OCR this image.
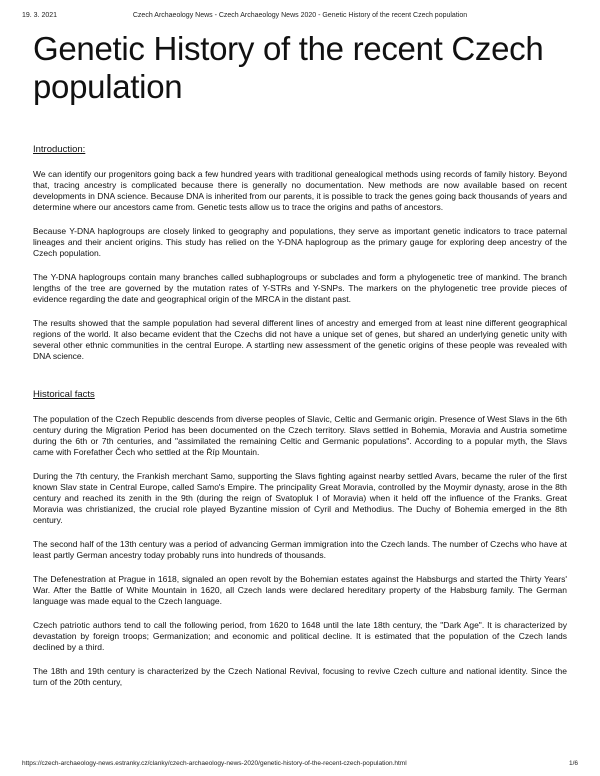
19. 3. 2021	Czech Archaeology News - Czech Archaeology News 2020 - Genetic History of the recent Czech population
Genetic History of the recent Czech population
Introduction:

We can identify our progenitors going back a few hundred years with traditional genealogical methods using records of family history. Beyond that, tracing ancestry is complicated because there is generally no documentation. New methods are now available based on recent developments in DNA science. Because DNA is inherited from our parents, it is possible to track the genes going back thousands of years and determine where our ancestors came from. Genetic tests allow us to trace the origins and paths of ancestors.

Because Y-DNA haplogroups are closely linked to geography and populations, they serve as important genetic indicators to trace paternal lineages and their ancient origins. This study has relied on the Y-DNA haplogroup as the primary gauge for exploring deep ancestry of the Czech population.

The Y-DNA haplogroups contain many branches called subhaplogroups or subclades and form a phylogenetic tree of mankind. The branch lengths of the tree are governed by the mutation rates of Y-STRs and Y-SNPs. The markers on the phylogenetic tree provide pieces of evidence regarding the date and geographical origin of the MRCA in the distant past.

The results showed that the sample population had several different lines of ancestry and emerged from at least nine different geographical regions of the world. It also became evident that the Czechs did not have a unique set of genes, but shared an underlying genetic unity with several other ethnic communities in the central Europe. A startling new assessment of the genetic origins of these people was revealed with DNA science.

Historical facts

The population of the Czech Republic descends from diverse peoples of Slavic, Celtic and Germanic origin. Presence of West Slavs in the 6th century during the Migration Period has been documented on the Czech territory. Slavs settled in Bohemia, Moravia and Austria sometime during the 6th or 7th centuries, and "assimilated the remaining Celtic and Germanic populations". According to a popular myth, the Slavs came with Forefather Čech who settled at the Říp Mountain.

During the 7th century, the Frankish merchant Samo, supporting the Slavs fighting against nearby settled Avars, became the ruler of the first known Slav state in Central Europe, called Samo's Empire. The principality Great Moravia, controlled by the Moymir dynasty, arose in the 8th century and reached its zenith in the 9th (during the reign of Svatopluk I of Moravia) when it held off the influence of the Franks. Great Moravia was christianized, the crucial role played Byzantine mission of Cyril and Methodius. The Duchy of Bohemia emerged in the 8th century.

The second half of the 13th century was a period of advancing German immigration into the Czech lands. The number of Czechs who have at least partly German ancestry today probably runs into hundreds of thousands.

The Defenestration at Prague in 1618, signaled an open revolt by the Bohemian estates against the Habsburgs and started the Thirty Years' War. After the Battle of White Mountain in 1620, all Czech lands were declared hereditary property of the Habsburg family. The German language was made equal to the Czech language.

Czech patriotic authors tend to call the following period, from 1620 to 1648 until the late 18th century, the "Dark Age". It is characterized by devastation by foreign troops; Germanization; and economic and political decline. It is estimated that the population of the Czech lands declined by a third.

The 18th and 19th century is characterized by the Czech National Revival, focusing to revive Czech culture and national identity. Since the turn of the 20th century,

https://czech-archaeology-news.estranky.cz/clanky/czech-archaeology-news-2020/genetic-history-of-the-recent-czech-population.html	1/6
